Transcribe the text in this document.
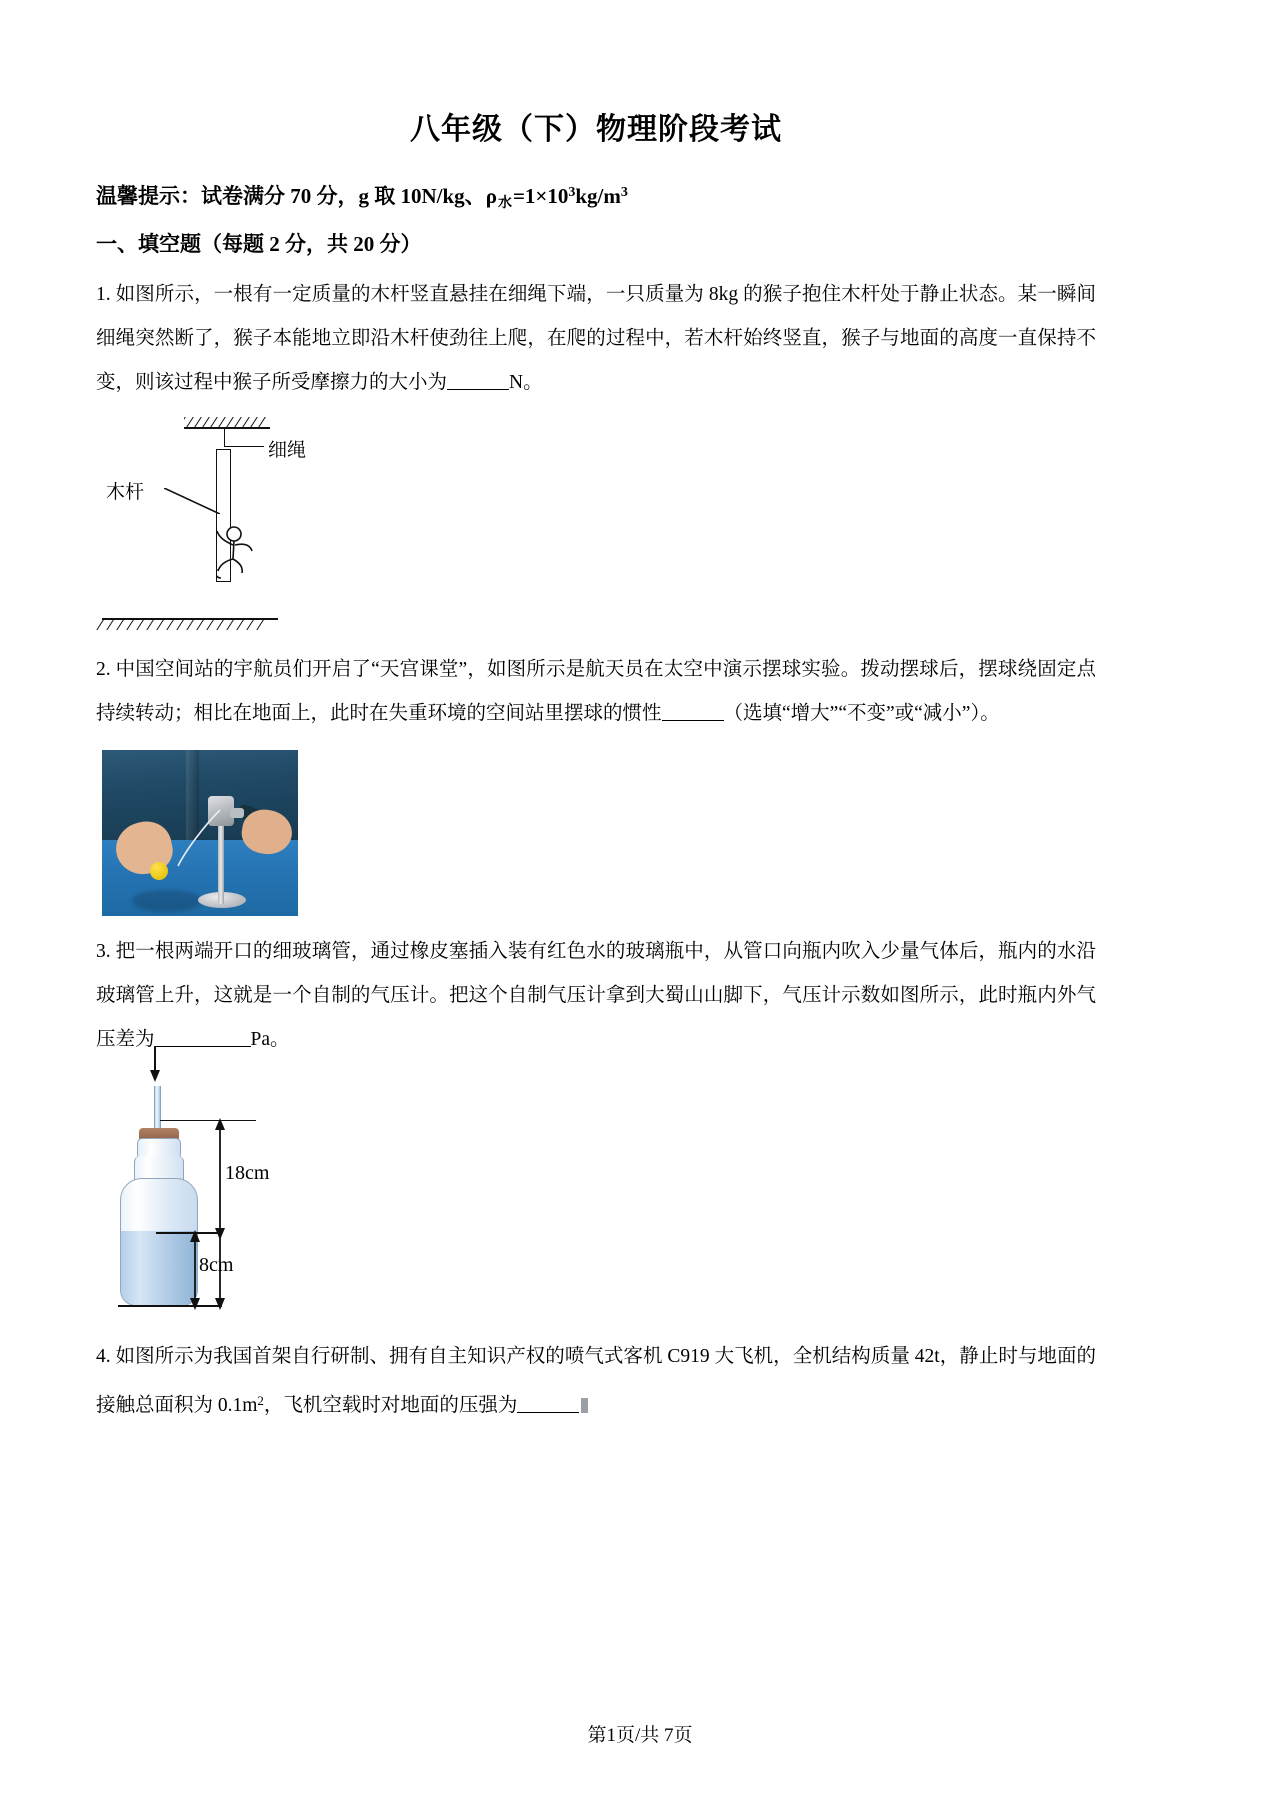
八年级（下）物理阶段考试
温馨提示：试卷满分 70 分，g 取 10N/kg、$\rho_水=1\times 10^3kg/m^3$
一、填空题（每题 2 分，共 20 分）
1. 如图所示，一根有一定质量的木杆竖直悬挂在细绳下端，一只质量为 8kg 的猴子抱住木杆处于静止状态。某一瞬间细绳突然断了，猴子本能地立即沿木杆使劲往上爬，在爬的过程中，若木杆始终竖直，猴子与地面的高度一直保持不变，则该过程中猴子所受摩擦力的大小为	N。
细绳
木杆
2. 中国空间站的宇航员们开启了“天宫课堂”，如图所示是航天员在太空中演示摆球实验。拨动摆球后，摆球绕固定点持续转动；相比在地面上，此时在失重环境的空间站里摆球的惯性	（选填“增大”“不变”或“减小”）。
3. 把一根两端开口的细玻璃管，通过橡皮塞插入装有红色水的玻璃瓶中，从管口向瓶内吹入少量气体后，瓶内的水沿玻璃管上升，这就是一个自制的气压计。把这个自制气压计拿到大蜀山山脚下，气压计示数如图所示，此时瓶内外气压差为	Pa。
18cm
8cm
4. 如图所示为我国首架自行研制、拥有自主知识产权的喷气式客机 C919 大飞机，全机结构质量 42t，静止时与地面的接触总面积为 $0.1m^2$，飞机空载时对地面的压强为
第1页/共 7页
